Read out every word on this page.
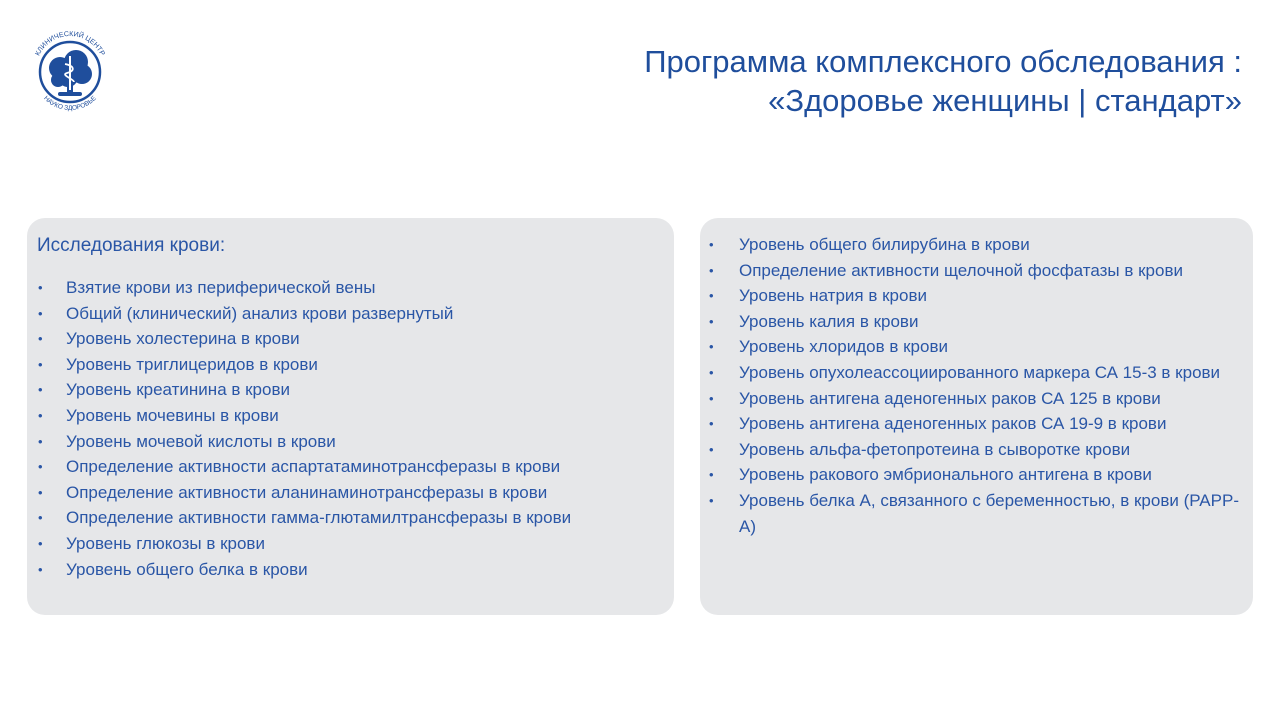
КЛИНИЧЕСКИЙ ЦЕНТР
НАУКО ЗДОРОВЬЕ
Программа комплексного обследования :
«Здоровье женщины | стандарт»
Исследования крови:
• Взятие крови из периферической вены
• Общий (клинический) анализ крови развернутый
• Уровень холестерина в крови
• Уровень триглицеридов в крови
• Уровень креатинина в крови
• Уровень мочевины в крови
• Уровень мочевой кислоты в крови
• Определение активности аспартатаминотрансферазы в крови
• Определение активности аланинаминотрансферазы в крови
• Определение активности гамма-глютамилтрансферазы в крови
• Уровень глюкозы в крови
• Уровень общего белка в крови
• Уровень общего билирубина в крови
• Определение активности щелочной фосфатазы в крови
• Уровень натрия в крови
• Уровень калия в крови
• Уровень хлоридов в крови
• Уровень опухолеассоциированного маркера СА 15-3 в крови
• Уровень антигена аденогенных раков СА 125 в крови
• Уровень антигена аденогенных раков СА 19-9 в крови
• Уровень альфа-фетопротеина в сыворотке крови
• Уровень ракового эмбрионального антигена в крови
• Уровень белка А, связанного с беременностью, в крови (PAPP-A)
